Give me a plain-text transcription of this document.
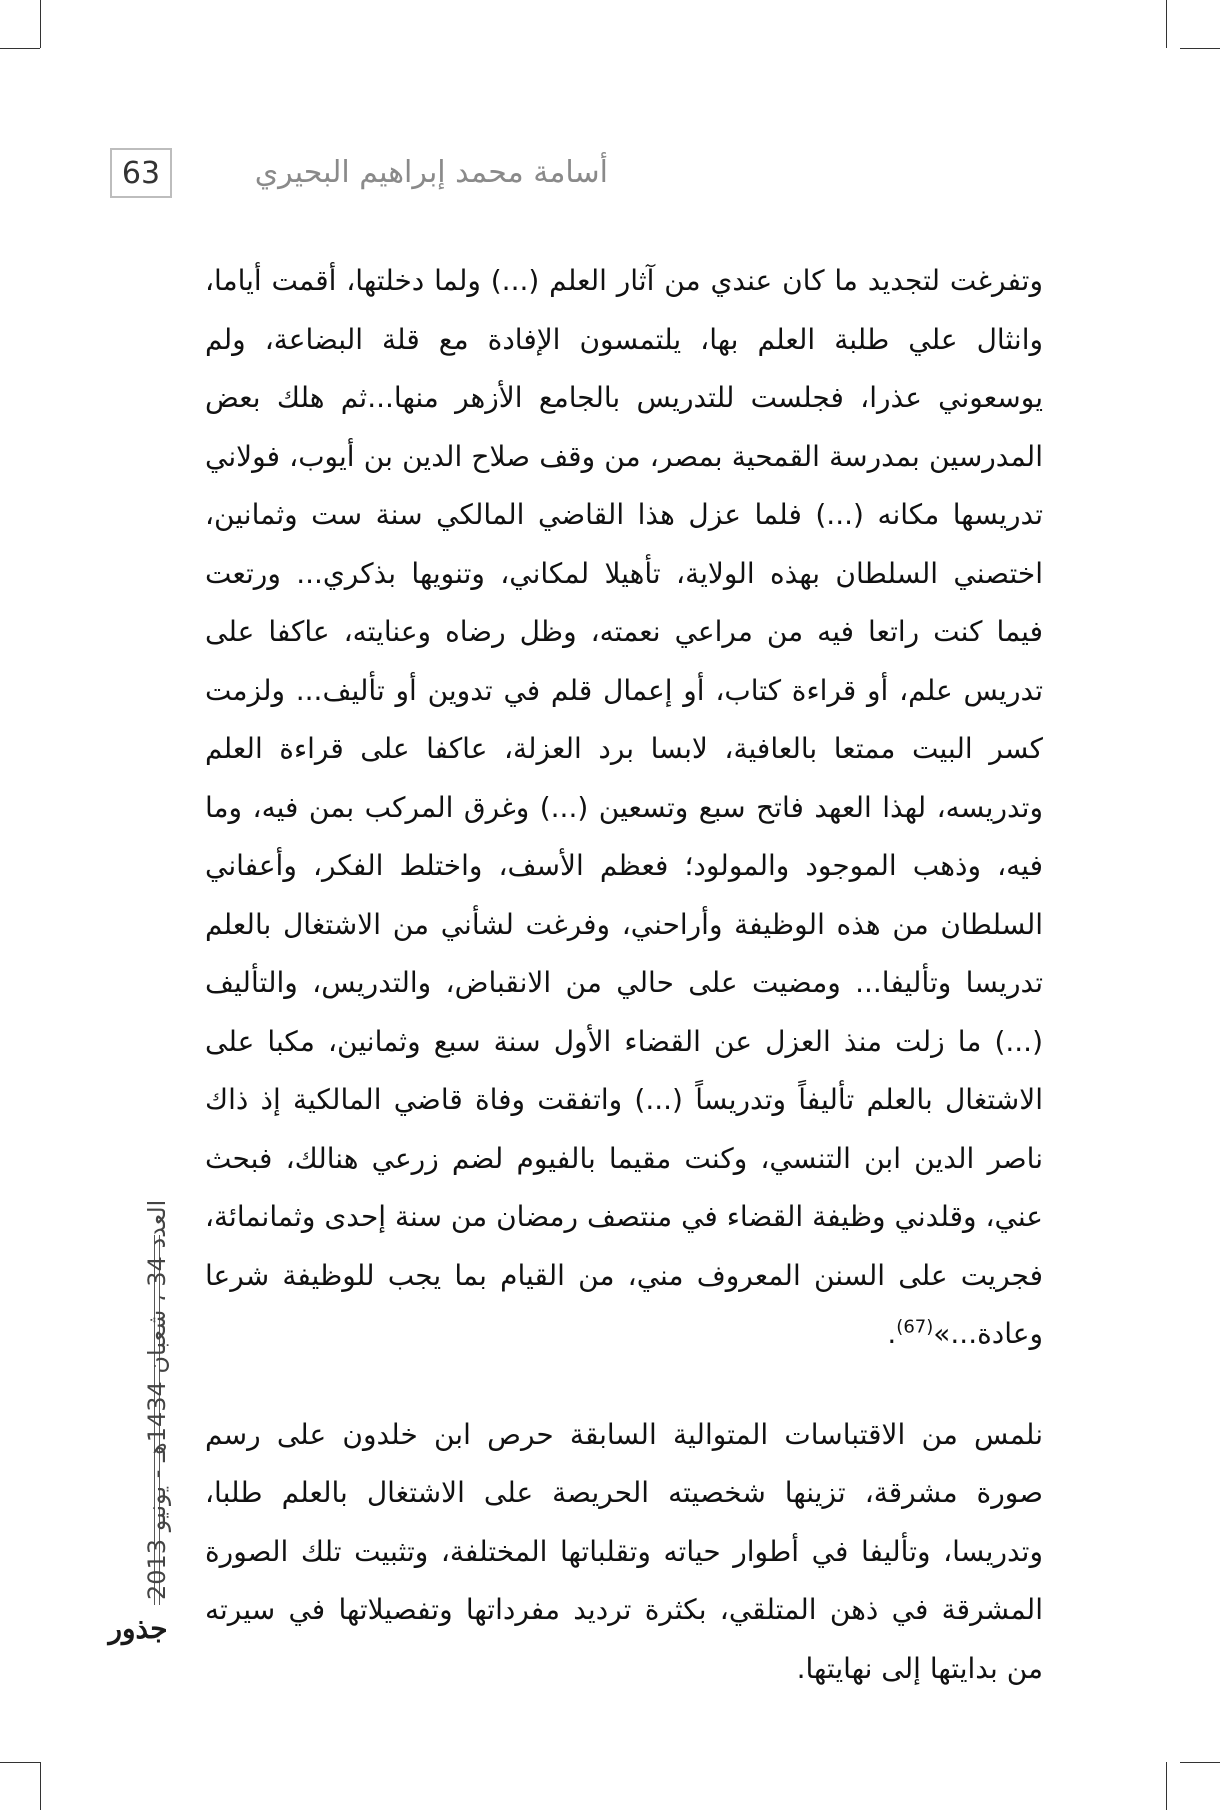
63	أسامة محمد إبراهيم البحيري

وتفرغت لتجديد ما كان عندي من آثار العلم (...) ولما دخلتها، أقمت أياما، وانثال علي طلبة العلم بها، يلتمسون الإفادة مع قلة البضاعة، ولم يوسعوني عذرا، فجلست للتدريس بالجامع الأزهر منها...ثم هلك بعض المدرسين بمدرسة القمحية بمصر، من وقف صلاح الدين بن أيوب، فولاني تدريسها مكانه (...) فلما عزل هذا القاضي المالكي سنة ست وثمانين، اختصني السلطان بهذه الولاية، تأهيلا لمكاني، وتنويها بذكري... ورتعت فيما كنت راتعا فيه من مراعي نعمته، وظل رضاه وعنايته، عاكفا على تدريس علم، أو قراءة كتاب، أو إعمال قلم في تدوين أو تأليف... ولزمت كسر البيت ممتعا بالعافية، لابسا برد العزلة، عاكفا على قراءة العلم وتدريسه، لهذا العهد فاتح سبع وتسعين (...) وغرق المركب بمن فيه، وما فيه، وذهب الموجود والمولود؛ فعظم الأسف، واختلط الفكر، وأعفاني السلطان من هذه الوظيفة وأراحني، وفرغت لشأني من الاشتغال بالعلم تدريسا وتأليفا... ومضيت على حالي من الانقباض، والتدريس، والتأليف (...) ما زلت منذ العزل عن القضاء الأول سنة سبع وثمانين، مكبا على الاشتغال بالعلم تأليفاً وتدريساً (...) واتفقت وفاة قاضي المالكية إذ ذاك ناصر الدين ابن التنسي، وكنت مقيما بالفيوم لضم زرعي هنالك، فبحث عني، وقلدني وظيفة القضاء في منتصف رمضان من سنة إحدى وثمانمائة، فجريت على السنن المعروف مني، من القيام بما يجب للوظيفة شرعا وعادة...»$^{(67)}$.

نلمس من الاقتباسات المتوالية السابقة حرص ابن خلدون على رسم صورة مشرقة، تزينها شخصيته الحريصة على الاشتغال بالعلم طلبا، وتدريسا، وتأليفا في أطوار حياته وتقلباتها المختلفة، وتثبيت تلك الصورة المشرقة في ذهن المتلقي، بكثرة ترديد مفرداتها وتفصيلاتها في سيرته من بدايتها إلى نهايتها.

العدد 34 ، شعبان 1434هـ - يونيو 2013
جذور
